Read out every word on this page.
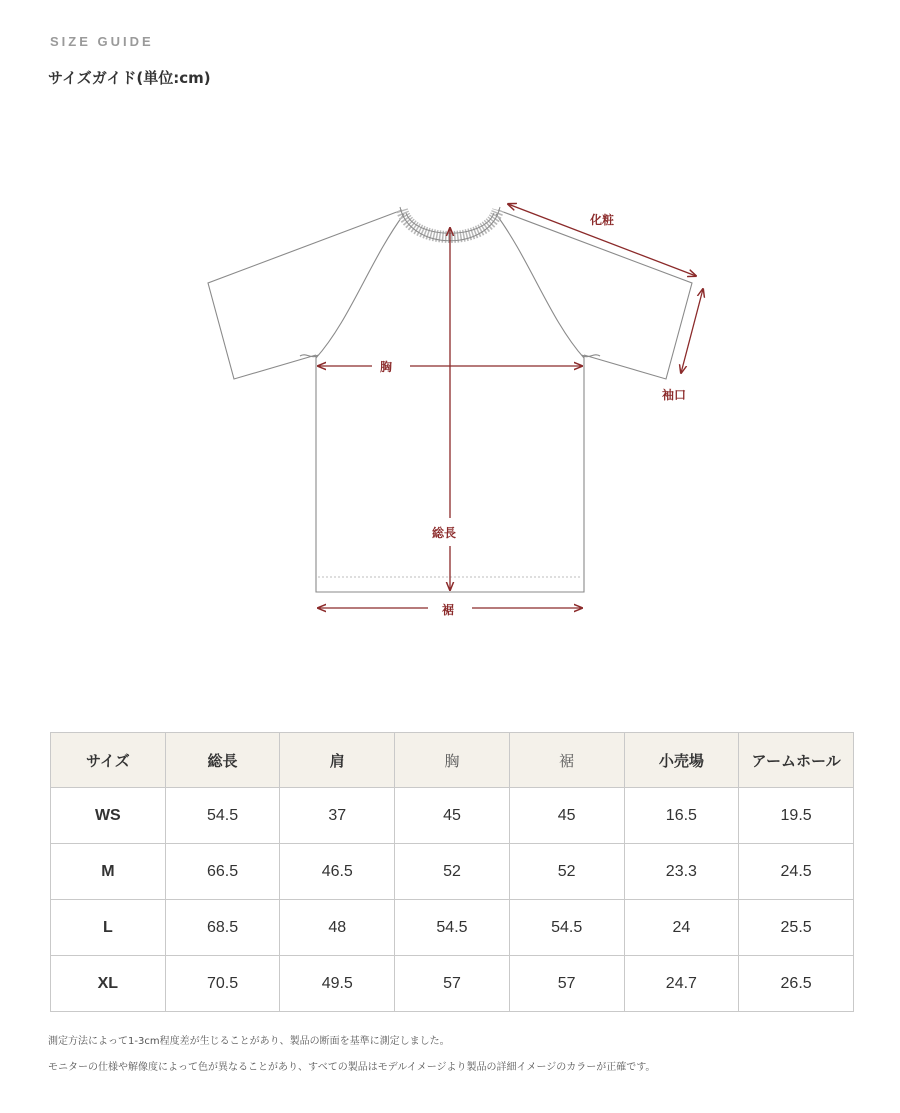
SIZE GUIDE
サイズガイド(単位:cm)
化粧
袖口
胸
総長
裾
サイズ	総長	肩	胸	裾	小売場	アームホール
WS	54.5	37	45	45	16.5	19.5
M	66.5	46.5	52	52	23.3	24.5
L	68.5	48	54.5	54.5	24	25.5
XL	70.5	49.5	57	57	24.7	26.5
測定方法によって1-3cm程度差が生じることがあり、製品の断面を基準に測定しました。
モニターの仕様や解像度によって色が異なることがあり、すべての製品はモデルイメージより製品の詳細イメージのカラーが正確です。
